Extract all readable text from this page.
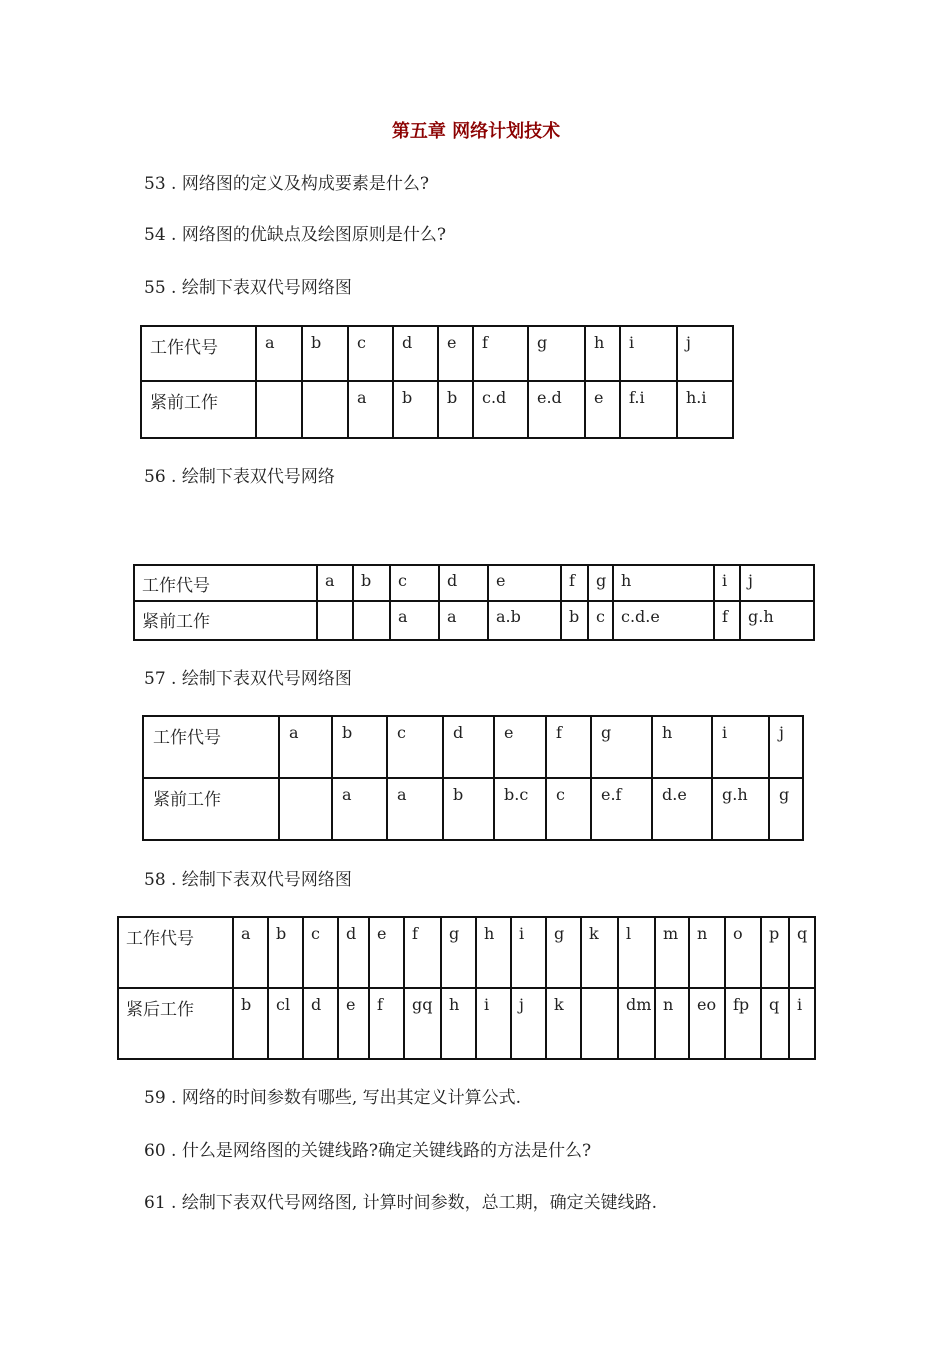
第五章 网络计划技术
53 . 网络图的定义及构成要素是什么?
54 . 网络图的优缺点及绘图原则是什么?
55 . 绘制下表双代号网络图
工作代号	a	b	c	d	e	f	g	h	i	j
紧前工作			a	b	b	c.d	e.d	e	f.i	h.i
56 . 绘制下表双代号网络
工作代号	a	b	c	d	e	f	g	h	i	j
紧前工作			a	a	a.b	b	c	c.d.e	f	g.h
57 . 绘制下表双代号网络图
工作代号	a	b	c	d	e	f	g	h	i	j
紧前工作		a	a	b	b.c	c	e.f	d.e	g.h	g
58 . 绘制下表双代号网络图
工作代号	a	b	c	d	e	f	g	h	i	g	k	l	m	n	o	p	q
紧后工作	b	cl	d	e	f	gq	h	i	j	k		dm	n	eo	fp	q	i
59 . 网络的时间参数有哪些, 写出其定义计算公式.
60 . 什么是网络图的关键线路?确定关键线路的方法是什么?
61 . 绘制下表双代号网络图, 计算时间参数，总工期，确定关键线路.
